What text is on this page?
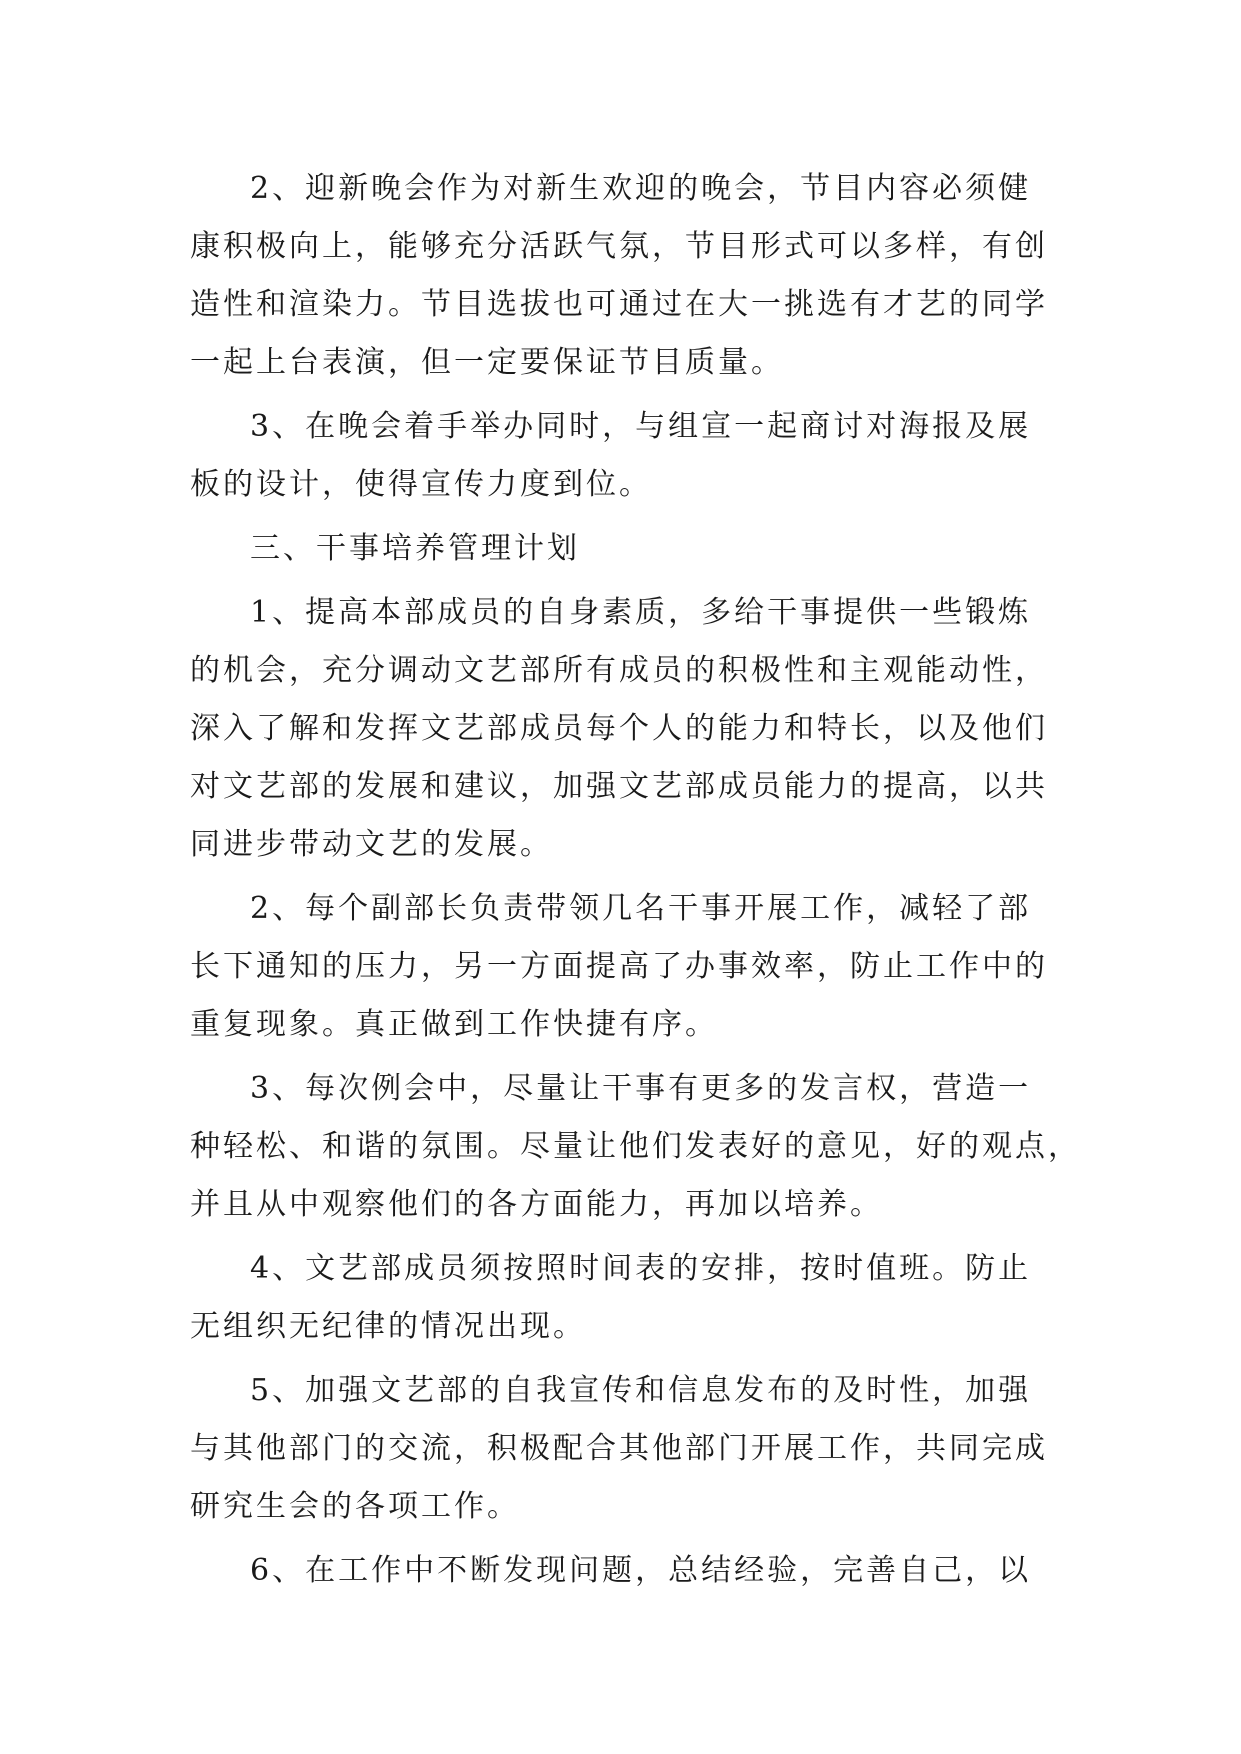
2、迎新晚会作为对新生欢迎的晚会，节目内容必须健
康积极向上，能够充分活跃气氛，节目形式可以多样，有创
造性和渲染力。节目选拔也可通过在大一挑选有才艺的同学
一起上台表演，但一定要保证节目质量。
3、在晚会着手举办同时，与组宣一起商讨对海报及展
板的设计，使得宣传力度到位。
三、干事培养管理计划
1、提高本部成员的自身素质，多给干事提供一些锻炼
的机会，充分调动文艺部所有成员的积极性和主观能动性，
深入了解和发挥文艺部成员每个人的能力和特长，以及他们
对文艺部的发展和建议，加强文艺部成员能力的提高，以共
同进步带动文艺的发展。
2、每个副部长负责带领几名干事开展工作，减轻了部
长下通知的压力，另一方面提高了办事效率，防止工作中的
重复现象。真正做到工作快捷有序。
3、每次例会中，尽量让干事有更多的发言权，营造一
种轻松、和谐的氛围。尽量让他们发表好的意见，好的观点，
并且从中观察他们的各方面能力，再加以培养。
4、文艺部成员须按照时间表的安排，按时值班。防止
无组织无纪律的情况出现。
5、加强文艺部的自我宣传和信息发布的及时性，加强
与其他部门的交流，积极配合其他部门开展工作，共同完成
研究生会的各项工作。
6、在工作中不断发现问题，总结经验，完善自己，以
